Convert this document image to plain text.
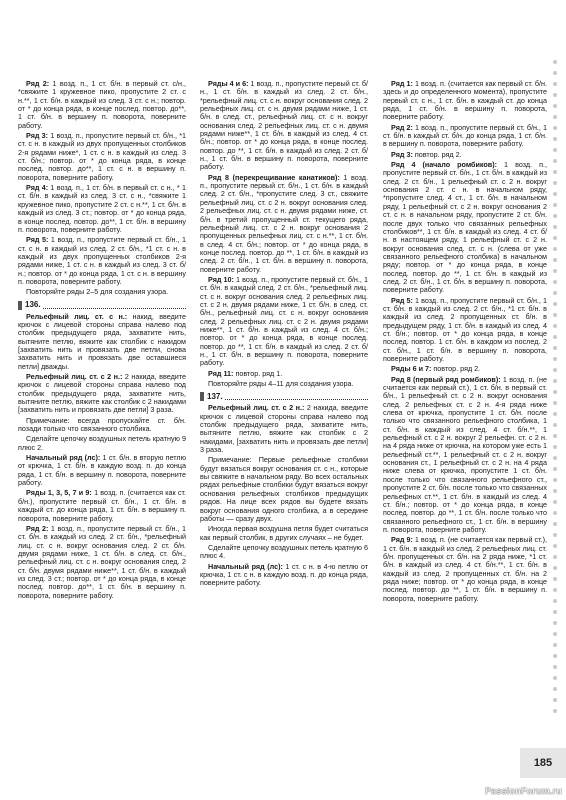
Ряд 2: 1 возд. п., 1 ст. б/н. в первый ст. с/н., *свяжите 1 кружевное пико, пропустите 2 ст. с н.**, 1 ст. б/н. в каждый из след. 3 ст. с н.; повтор. от * до конца ряда, в конце послед. повтор. до**, 1 ст. б/н. в вершину п. поворота, поверните работу.

Ряд 3: 1 возд. п., пропустите первый ст. б/н., *1 ст. с н. в каждый из двух пропущенных столбиков 2-я рядами ниже*, 1 ст. с н. в каждый из след. 3 ст. б/н.; повтор. от * до конца ряда, в конце послед. повтор. до**, 1 ст. с н. в вершину п. поворота, поверните работу.

Ряд 4: 1 возд. п., 1 ст. б/н. в первый ст. с н., * 1 ст. б/н. в каждый из след. 3 ст. с н., *свяжите 1 кружевное пико, пропустите 2 ст. с н.**, 1 ст. б/н. в каждый из след. 3 ст.; повтор. от * до конца ряда, в конце послед. повтор. до**, 1 ст. б/н. в вершину п. поворота, поверните работу.

Ряд 5: 1 возд. п., пропустите первый ст. б/н., 1 ст. с н. в каждый из след. 2 ст. б/н., *1 ст. с н. в каждый из двух пропущенных столбиков 2-я рядами ниже, 1 ст. с н. в каждый из след. 3 ст. б/н.; повтор. от * до конца ряда, 1 ст. с н. в вершину п. поворота, поверните работу.

Повторяйте ряды 2–5 для создания узора.

136.

Рельефный лиц. ст. с н.: накид, введите крючок с лицевой стороны справа налево под столбик предыдущего ряда, захватите нить, вытяните петлю, вяжите как столбик с накидом [захватить нить и провязать две петли, снова захватить нить и провязать две оставшиеся петли] дважды.

Рельефный лиц. ст. с 2 н.: 2 накида, введите крючок с лицевой стороны справа налево под столбик предыдущего ряда, захватите нить, вытяните петлю, вяжите как столбик с 2 накидами [захватить нить и провязать две петли] 3 раза.

Примечание: всегда пропускайте ст. б/н. позади только что связанного столбика.

Сделайте цепочку воздушных петель кратную 9 плюс 2.

Начальный ряд (лс): 1 ст. б/н. в вторую петлю от крючка, 1 ст. б/н. в каждую возд. п. до конца ряда, 1 ст. б/н. в вершину п. поворота, поверните работу.

Ряды 1, 3, 5, 7 и 9: 1 возд. п. (считается как ст. б/н.), пропустите первый ст. б/н., 1 ст. б/н. в каждый ст. до конца ряда, 1 ст. б/н. в вершину п. поворота, поверните работу.

Ряд 2: 1 возд. п., пропустите первый ст. б/н., 1 ст. б/н. в каждый из след. 2 ст. б/н., *рельефный лиц. ст. с н. вокруг основания след. 2 ст. б/н. двумя рядами ниже, 1 ст. б/н. в след. ст. б/н., рельефный лиц. ст. с н. вокруг основания след. 2 ст. б/н. двумя рядами ниже**, 1 ст. б/н. в каждый из след. 3 ст.; повтор. от * до конца ряда, в конце послед. повтор. до**, 1 ст. б/н. в вершину п. поворота, поверните работу.

Ряды 4 и 6: 1 возд. п., пропустите первый ст. б/н., 1 ст. б/н. в каждый из след. 2 ст. б/н., *рельефный лиц. ст. с н. вокруг основания след. 2 рельефных лиц. ст. с н. двумя рядами ниже, 1 ст. б/н. в след. ст., рельефный лиц. ст. с н. вокруг основания след. 2 рельефных лиц. ст. с н. двумя рядами ниже**, 1 ст. б/н. в каждый из след. 4 ст. б/н.; повтор. от * до конца ряда, в конце послед. повтор. до **, 1 ст. б/н. в каждый из след. 2 ст. б/н., 1 ст. б/н. в вершину п. поворота, поверните работу.

Ряд 8 (перекрещивание канатиков): 1 возд. п., пропустите первый ст. б/н., 1 ст. б/н. в каждый след. 2 ст. б/н., *пропустите след. 3 ст., свяжите рельефный лиц. ст. с 2 н. вокруг основания след. 2 рельефных лиц. ст. с н. двумя рядами ниже, ст. б/н. в третий пропущенный ст. текущего ряда, рельефный лиц. ст. с 2 н. вокруг основания 2 пропущенных рельефных лиц. ст. с н.**, 1 ст. б/н. в след. 4 ст. б/н.; повтор. от * до конца ряда, в конце послед. повтор. до **, 1 ст. б/н. в каждый из след. 2 ст. б/н., 1 ст. б/н. в вершину п. поворота, поверните работу.

Ряд 10: 1 возд. п., пропустите первый ст. б/н., 1 ст. б/н. в каждый след. 2 ст. б/н., *рельефный лиц. ст. с н. вокруг основания след. 2 рельефных лиц. ст. с 2 н. двумя рядами ниже, 1 ст. б/н. в след. ст. б/н., рельефный лиц. ст. с н. вокруг основания след. 2 рельефных лиц. ст. с 2 н. двумя рядами ниже**, 1 ст. б/н. в каждый из след. 4 ст. б/н.; повтор. от * до конца ряда, в конце послед. повтор. до **, 1 ст. б/н. в каждый из след. 2 ст. б/н., 1 ст. б/н. в вершину п. поворота, поверните работу.

Ряд 11: повтор. ряд 1.

Повторяйте ряды 4–11 для создания узора.

137.

Рельефный лиц. ст. с 2 н.: 2 накида, введите крючок с лицевой стороны справа налево под столбик предыдущего ряда, захватите нить, вытяните петлю, вяжите как столбик с 2 накидами, [захватить нить и провязать две петли] 3 раза.

Примечание: Первые рельефные столбики будут вязаться вокруг основания ст. с н., которые вы свяжите в начальном ряду. Во всех остальных рядах рельефные столбики будут вязаться вокруг основания рельефных столбиков предыдущих рядов. На лице всех рядов вы будете вязать вокруг основания одного столбика, а в середине работы — сразу двух.

Иногда первая воздушна петля будет считаться как первый столбик, в других случаях – не будет.

Сделайте цепочку воздушных петель кратную 6 плюс 4.

Начальный ряд (лс): 1 ст. с н. в 4-ю петлю от крючка, 1 ст. с н. в каждую возд. п. до конца ряда, поверните работу.

Ряд 1: 1 возд. п. (считается как первый ст. б/н. здесь и до определенного момента), пропустите первый ст. с н., 1 ст. б/н. в каждый ст. до конца ряда, 1 ст. б/н. в вершину п. поворота, поверните работу.

Ряд 2: 1 возд. п., пропустите первый ст. б/н., 1 ст. б/н. в каждый ст. б/н. до конца ряда, 1 ст. б/н. в вершину п. поворота, поверните работу.

Ряд 3: повтор. ряд 2.

Ряд 4 (начало ромбиков): 1 возд. п., пропустите первый ст. б/н., 1 ст. б/н. в каждый из след. 2 ст. б/н., 1 рельефный ст. с 2 н. вокруг основания 2 ст. с н. в начальном ряду, *пропустите след. 4 ст., 1 ст. б/н. в начальном ряду, 1 рельефный ст. с 2 н. вокруг основания 2 ст. с н. в начальном ряду, пропустите 2 ст. б/н. после двух только что связанных рельефных столбиков**, 1 ст. б/н. в каждый из след. 4 ст. б/н. в настоящем ряду, 1 рельефный ст. с 2 н. вокруг основания след. ст. с н. (слева от уже связанного рельефного столбика) в начальном ряду; повтор. от * до конца ряда, в конце послед. повтор. до **, 1 ст. б/н. в каждый из след. 2 ст. б/н., 1 ст. б/н. в вершину п. поворота, поверните работу.

Ряд 5: 1 возд. п., пропустите первый ст. б/н., 1 ст. б/н. в каждый из след. 2 ст. б/н., *1 ст. б/н. в каждый из след. 2 пропущенных ст. б/н. в предыдущем ряду, 1 ст. б/н. в каждый из след. 4 ст. б/н.; повтор. от * до конца ряда, в конце послед. повтор. 1 ст. б/н. в каждом из послед. 2 ст. б/н., 1 ст. б/н. в вершину п. поворота, поверните работу.

Ряды 6 и 7: повтор. ряд 2.

Ряд 8 (первый ряд ромбиков): 1 возд. п. (не считается как первый ст.), 1 ст. б/н. в первый ст. б/н., 1 рельефный ст. с 2 н. вокруг основания след. 2 рельефных ст. с 2 н. 4-я ряда ниже слева от крючка, пропустите 1 ст. б/н. после только что связанного рельефного столбика, 1 ст. б/н. в каждый из след. 4 ст. б/н.**, 1 рельефный ст. с 2 н. вокруг 2 рельефн. ст. с 2 н. на 4 ряда ниже от крючка, на котором уже есть 1 рельефный ст.**, 1 рельефный ст. с 2 н. вокруг основания ст., 1 рельефный ст. с 2 н. на 4 ряда ниже слева от крючка, пропустите 1 ст. б/н. после только что связанного рельефного ст., пропустите 2 ст. б/н. после только что связанных рельефных ст.**, 1 ст. б/н. в каждый из след. 4 ст. б/н.; повтор. от * до конца ряда, в конце послед. повтор. до **, 1 ст. б/н. после только что связанного рельефного ст., 1 ст. б/н. в вершину п. поворота, поверните работу.

Ряд 9: 1 возд. п. (не считается как первый ст.), 1 ст. б/н. в каждый из след. 2 рельефных лиц. ст. б/н. пропущенных ст. б/н. на 2 ряда ниже, *1 ст. б/н. в каждый из след. 4 ст. б/н.**, 1 ст. б/н. в каждый из след. 2 пропущенных ст. б/н. на 2 ряда ниже; повтор. от * до конца ряда, в конце послед. повтор. до **, 1 ст. б/н. в вершину п. поворота, поверните работу.

185
PassionForum.ru
